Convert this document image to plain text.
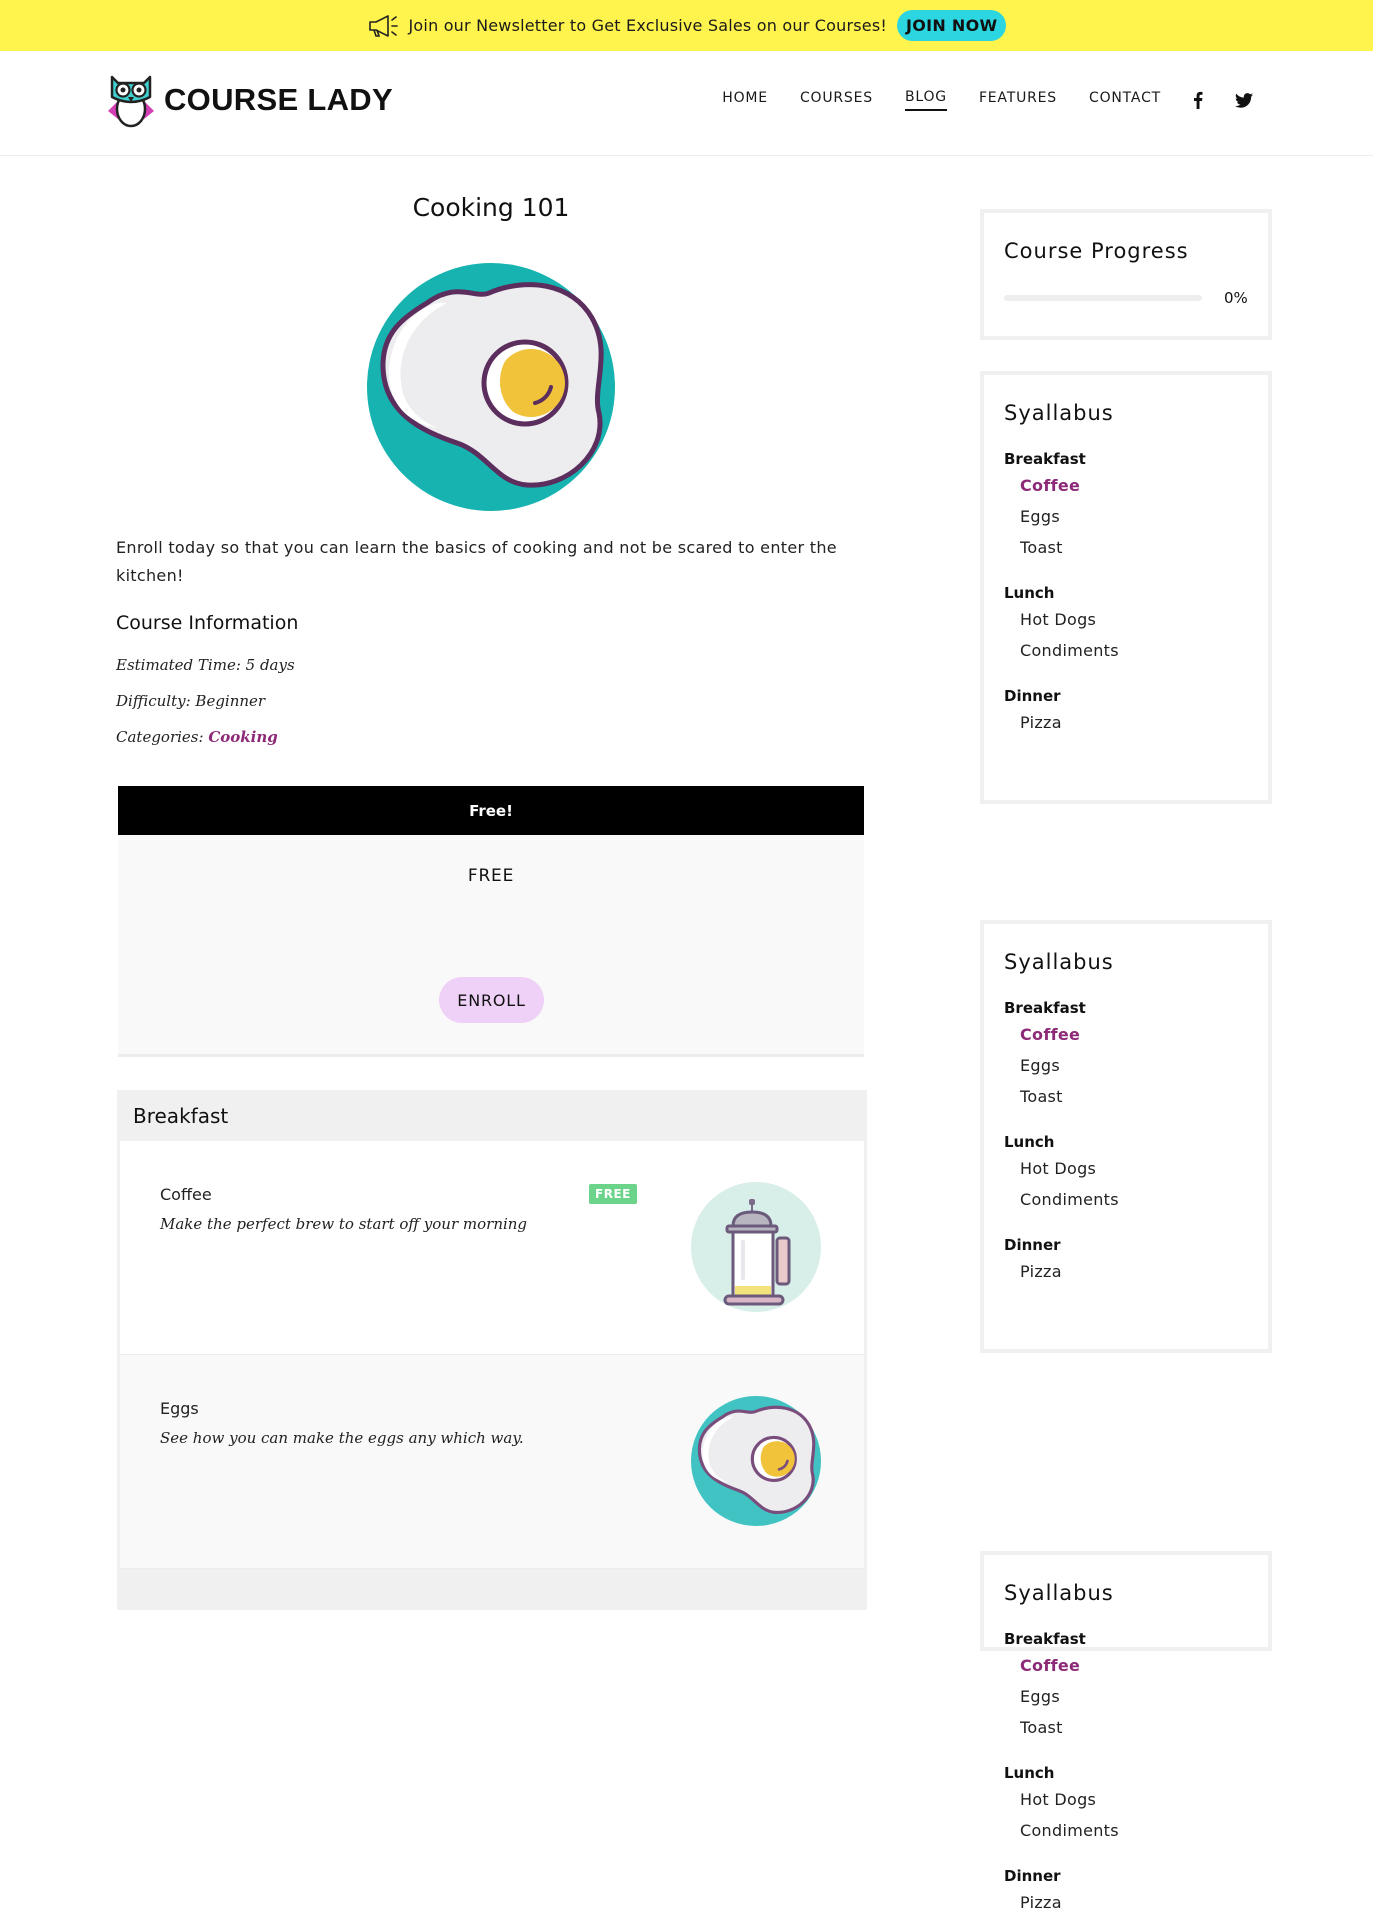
Join our Newsletter to Get Exclusive Sales on our Courses!	JOIN NOW
COURSE LADY	HOME COURSES BLOG FEATURES CONTACT
Cooking 101

Enroll today so that you can learn the basics of cooking and not be scared to enter the kitchen!

Course Information
Estimated Time: 5 days
Difficulty: Beginner
Categories: Cooking
Free!
FREE
ENROLL
Breakfast
Coffee
Make the perfect brew to start off your morning
FREE
Eggs
See how you can make the eggs any which way.
Course Progress
0%
Syallabus
Breakfast
Coffee
Eggs
Toast
Lunch
Hot Dogs
Condiments
Dinner
Pizza
Syallabus
Breakfast
Coffee
Eggs
Toast
Lunch
Hot Dogs
Condiments
Dinner
Pizza
Syallabus
Breakfast
Coffee
Eggs
Toast
Lunch
Hot Dogs
Condiments
Dinner
Pizza
